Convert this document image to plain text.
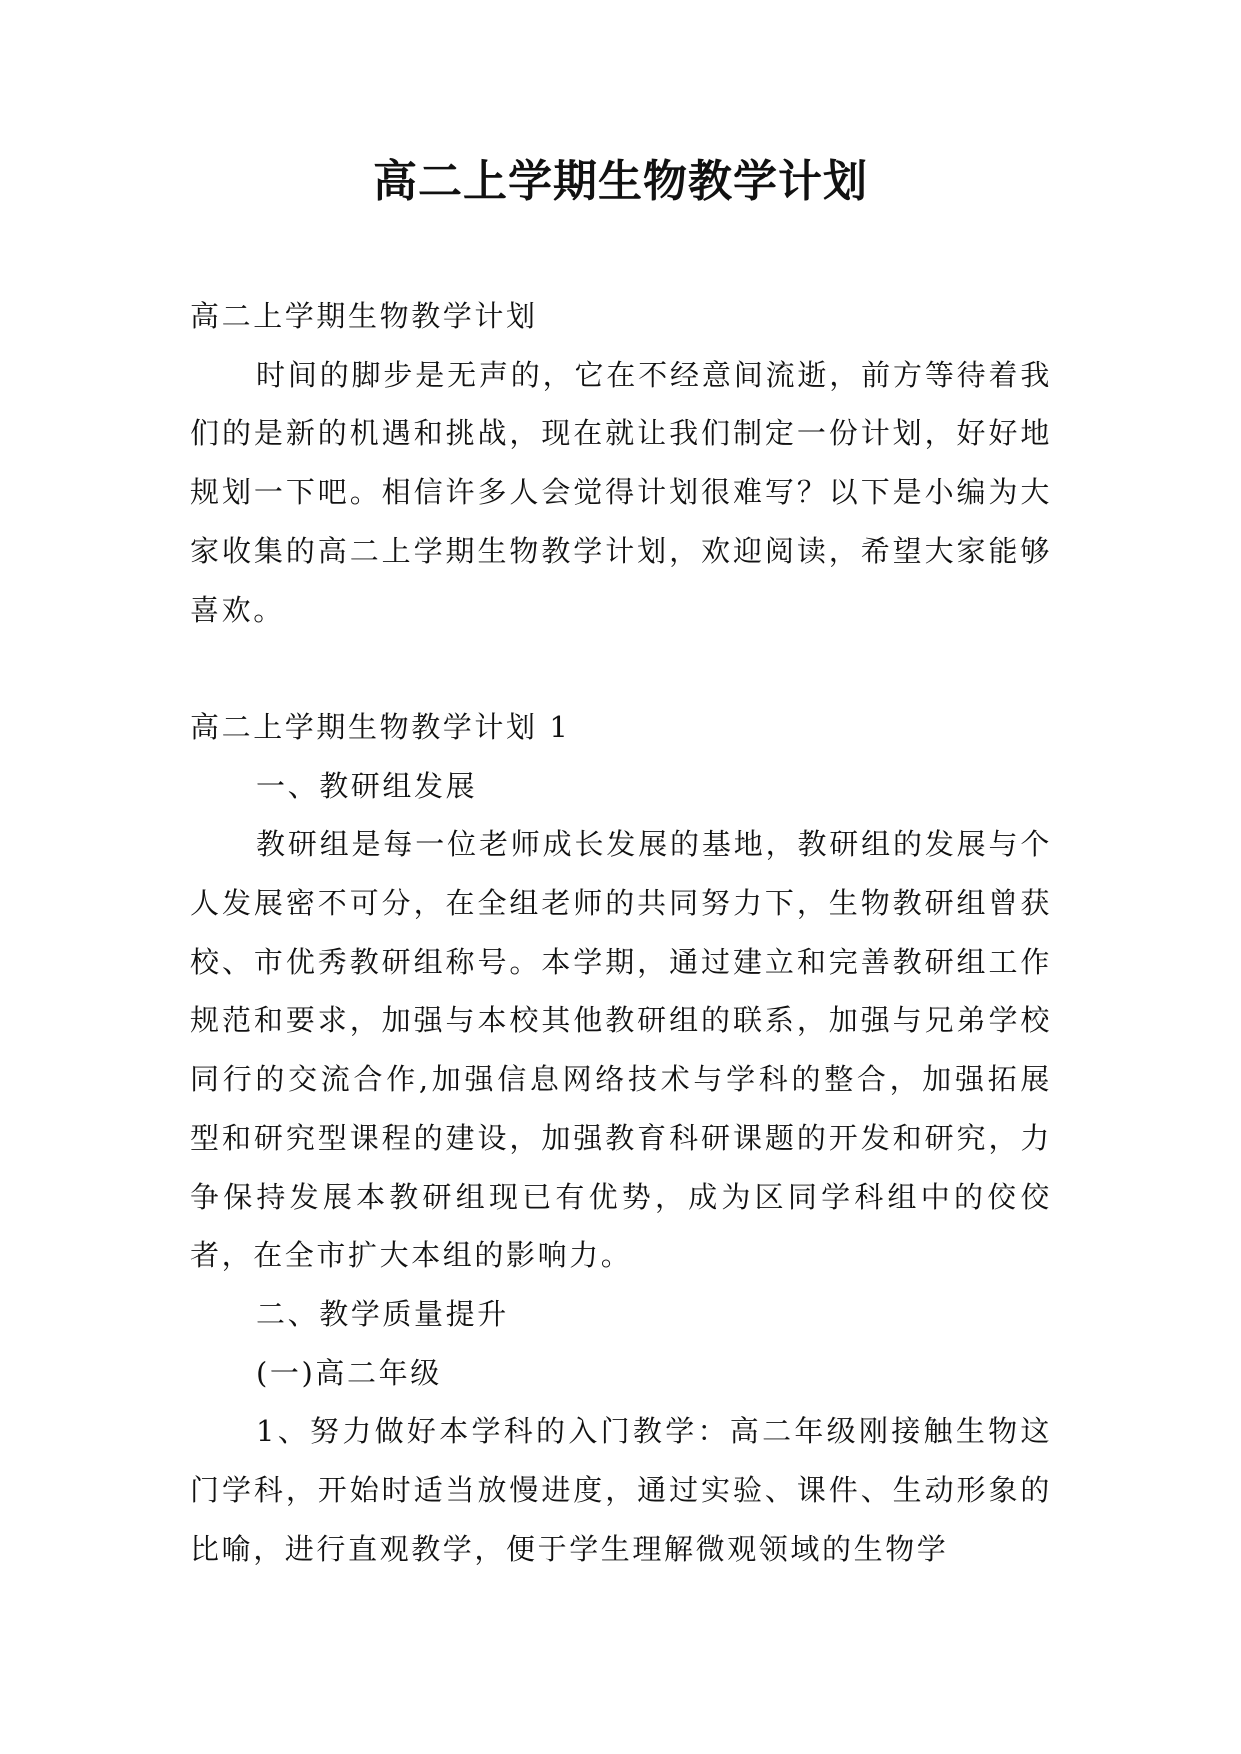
高二上学期生物教学计划

高二上学期生物教学计划

时间的脚步是无声的，它在不经意间流逝，前方等待着我们的是新的机遇和挑战，现在就让我们制定一份计划，好好地规划一下吧。相信许多人会觉得计划很难写？以下是小编为大家收集的高二上学期生物教学计划，欢迎阅读，希望大家能够喜欢。

高二上学期生物教学计划 1

一、教研组发展

教研组是每一位老师成长发展的基地，教研组的发展与个人发展密不可分，在全组老师的共同努力下，生物教研组曾获校、市优秀教研组称号。本学期，通过建立和完善教研组工作规范和要求，加强与本校其他教研组的联系，加强与兄弟学校同行的交流合作,加强信息网络技术与学科的整合，加强拓展型和研究型课程的建设，加强教育科研课题的开发和研究，力争保持发展本教研组现已有优势，成为区同学科组中的佼佼者，在全市扩大本组的影响力。

二、教学质量提升

(一)高二年级

1、努力做好本学科的入门教学：高二年级刚接触生物这门学科，开始时适当放慢进度，通过实验、课件、生动形象的比喻，进行直观教学，便于学生理解微观领域的生物学
